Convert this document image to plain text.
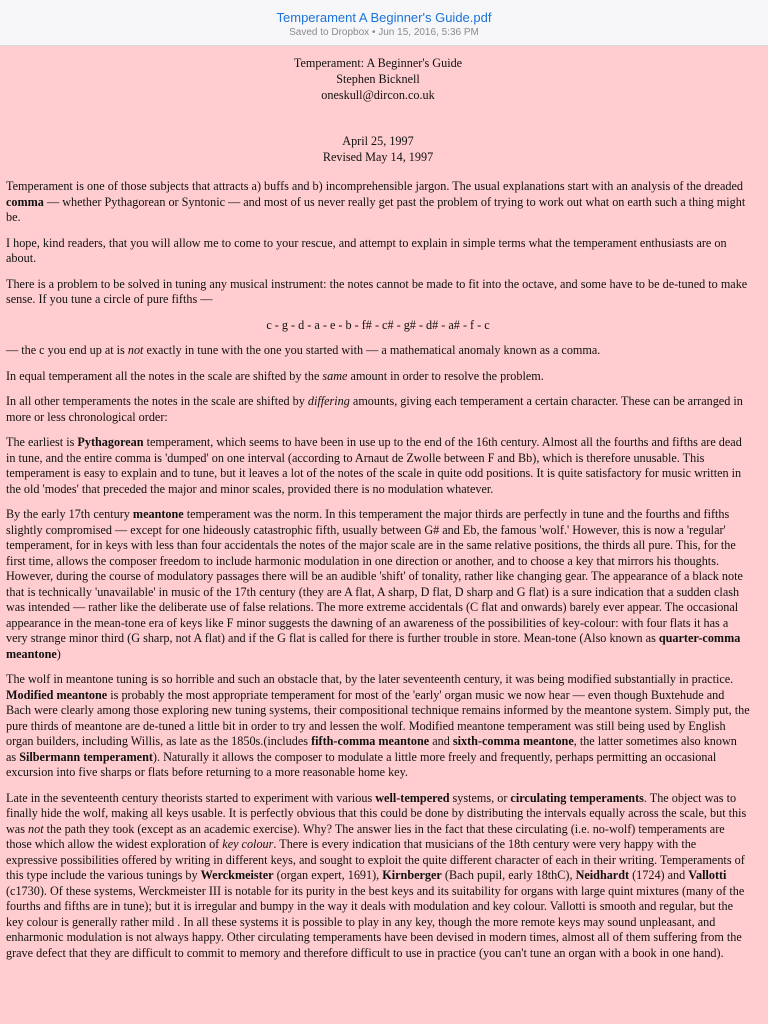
Temperament A Beginner's Guide.pdf
Saved to Dropbox • Jun 15, 2016, 5:36 PM
Temperament: A Beginner's Guide
Stephen Bicknell
oneskull@dircon.co.uk
April 25, 1997
Revised May 14, 1997

Temperament is one of those subjects that attracts a) buffs and b) incomprehensible jargon. The usual explanations start with an analysis of the dreaded comma — whether Pythagorean or Syntonic — and most of us never really get past the problem of trying to work out what on earth such a thing might be.

I hope, kind readers, that you will allow me to come to your rescue, and attempt to explain in simple terms what the temperament enthusiasts are on about.

There is a problem to be solved in tuning any musical instrument: the notes cannot be made to fit into the octave, and some have to be de-tuned to make sense. If you tune a circle of pure fifths —

c - g - d - a - e - b - f# - c# - g# - d# - a# - f - c

— the c you end up at is not exactly in tune with the one you started with — a mathematical anomaly known as a comma.

In equal temperament all the notes in the scale are shifted by the same amount in order to resolve the problem.

In all other temperaments the notes in the scale are shifted by differing amounts, giving each temperament a certain character. These can be arranged in more or less chronological order:

The earliest is Pythagorean temperament, which seems to have been in use up to the end of the 16th century. Almost all the fourths and fifths are dead in tune, and the entire comma is 'dumped' on one interval (according to Arnaut de Zwolle between F and Bb), which is therefore unusable. This temperament is easy to explain and to tune, but it leaves a lot of the notes of the scale in quite odd positions. It is quite satisfactory for music written in the old 'modes' that preceded the major and minor scales, provided there is no modulation whatever.

By the early 17th century meantone temperament was the norm. In this temperament the major thirds are perfectly in tune and the fourths and fifths slightly compromised — except for one hideously catastrophic fifth, usually between G# and Eb, the famous 'wolf.' However, this is now a 'regular' temperament, for in keys with less than four accidentals the notes of the major scale are in the same relative positions, the thirds all pure. This, for the first time, allows the composer freedom to include harmonic modulation in one direction or another, and to choose a key that mirrors his thoughts. However, during the course of modulatory passages there will be an audible 'shift' of tonality, rather like changing gear. The appearance of a black note that is technically 'unavailable' in music of the 17th century (they are A flat, A sharp, D flat, D sharp and G flat) is a sure indication that a sudden clash was intended — rather like the deliberate use of false relations. The more extreme accidentals (C flat and onwards) barely ever appear. The occasional appearance in the mean-tone era of keys like F minor suggests the dawning of an awareness of the possibilities of key-colour: with four flats it has a very strange minor third (G sharp, not A flat) and if the G flat is called for there is further trouble in store. Mean-tone (Also known as quarter-comma meantone)

The wolf in meantone tuning is so horrible and such an obstacle that, by the later seventeenth century, it was being modified substantially in practice. Modified meantone is probably the most appropriate temperament for most of the 'early' organ music we now hear — even though Buxtehude and Bach were clearly among those exploring new tuning systems, their compositional technique remains informed by the meantone system. Simply put, the pure thirds of meantone are de-tuned a little bit in order to try and lessen the wolf. Modified meantone temperament was still being used by English organ builders, including Willis, as late as the 1850s.(includes fifth-comma meantone and sixth-comma meantone, the latter sometimes also known as Silbermann temperament). Naturally it allows the composer to modulate a little more freely and frequently, perhaps permitting an occasional excursion into five sharps or flats before returning to a more reasonable home key.

Late in the seventeenth century theorists started to experiment with various well-tempered systems, or circulating temperaments. The object was to finally hide the wolf, making all keys usable. It is perfectly obvious that this could be done by distributing the intervals equally across the scale, but this was not the path they took (except as an academic exercise). Why? The answer lies in the fact that these circulating (i.e. no-wolf) temperaments are those which allow the widest exploration of key colour. There is every indication that musicians of the 18th century were very happy with the expressive possibilities offered by writing in different keys, and sought to exploit the quite different character of each in their writing. Temperaments of this type include the various tunings by Werckmeister (organ expert, 1691), Kirnberger (Bach pupil, early 18thC), Neidhardt (1724) and Vallotti (c1730). Of these systems, Werckmeister III is notable for its purity in the best keys and its suitability for organs with large quint mixtures (many of the fourths and fifths are in tune); but it is irregular and bumpy in the way it deals with modulation and key colour. Vallotti is smooth and regular, but the key colour is generally rather mild . In all these systems it is possible to play in any key, though the more remote keys may sound unpleasant, and enharmonic modulation is not always happy. Other circulating temperaments have been devised in modern times, almost all of them suffering from the grave defect that they are difficult to commit to memory and therefore difficult to use in practice (you can't tune an organ with a book in one hand).
